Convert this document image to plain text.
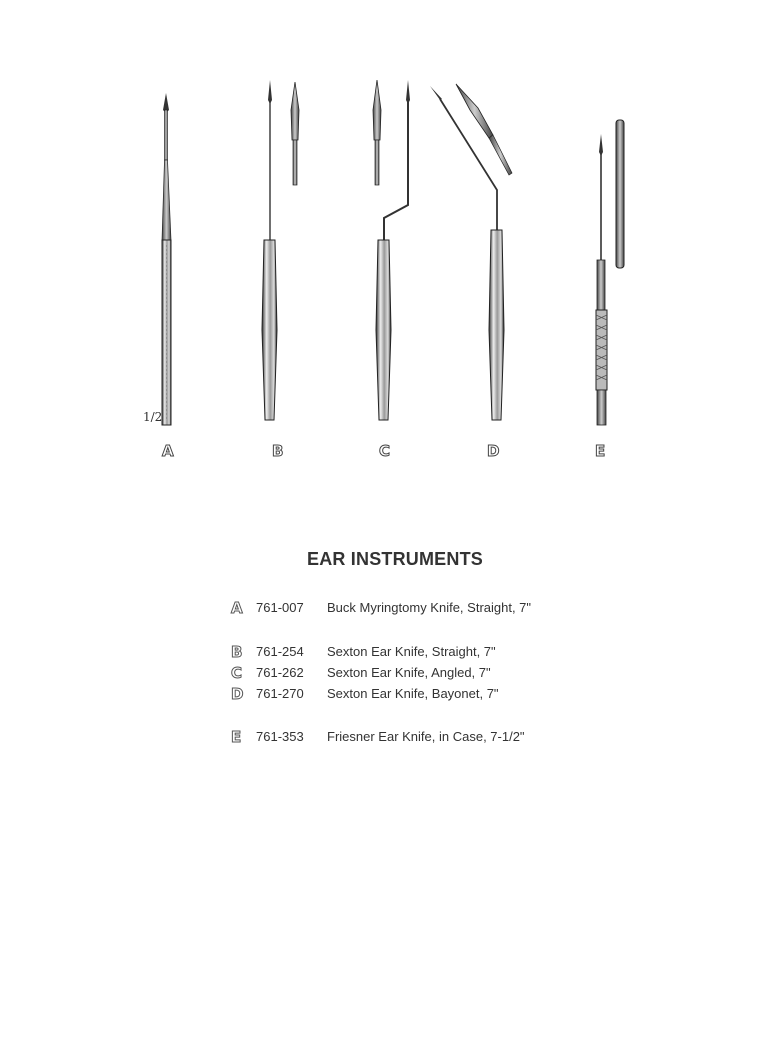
1/2
A	B	C	D	E
EAR INSTRUMENTS
A 761-007 Buck Myringtomy Knife, Straight, 7"
B 761-254 Sexton Ear Knife, Straight, 7"
C 761-262 Sexton Ear Knife, Angled, 7"
D 761-270 Sexton Ear Knife, Bayonet, 7"
E 761-353 Friesner Ear Knife, in Case, 7-1/2"
